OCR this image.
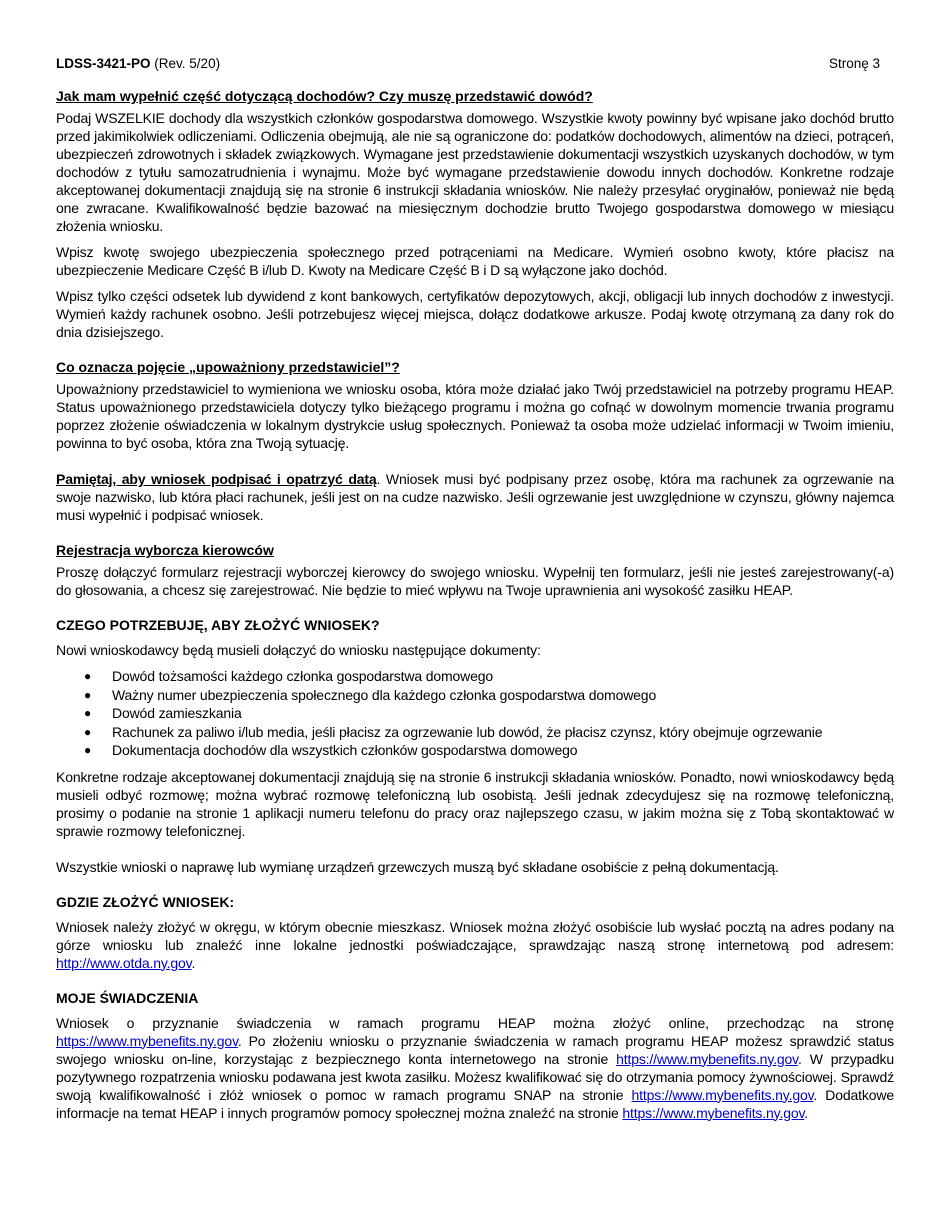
LDSS-3421-PO (Rev. 5/20)	Stronę 3
Jak mam wypełnić część dotyczącą dochodów? Czy muszę przedstawić dowód?

Podaj WSZELKIE dochody dla wszystkich członków gospodarstwa domowego. Wszystkie kwoty powinny być wpisane jako dochód brutto przed jakimikolwiek odliczeniami. Odliczenia obejmują, ale nie są ograniczone do: podatków dochodowych, alimentów na dzieci, potrąceń, ubezpieczeń zdrowotnych i składek związkowych. Wymagane jest przedstawienie dokumentacji wszystkich uzyskanych dochodów, w tym dochodów z tytułu samozatrudnienia i wynajmu. Może być wymagane przedstawienie dowodu innych dochodów. Konkretne rodzaje akceptowanej dokumentacji znajdują się na stronie 6 instrukcji składania wniosków. Nie należy przesyłać oryginałów, ponieważ nie będą one zwracane. Kwalifikowalność będzie bazować na miesięcznym dochodzie brutto Twojego gospodarstwa domowego w miesiącu złożenia wniosku.

Wpisz kwotę swojego ubezpieczenia społecznego przed potrąceniami na Medicare. Wymień osobno kwoty, które płacisz na ubezpieczenie Medicare Część B i/lub D. Kwoty na Medicare Część B i D są wyłączone jako dochód.

Wpisz tylko części odsetek lub dywidend z kont bankowych, certyfikatów depozytowych, akcji, obligacji lub innych dochodów z inwestycji. Wymień każdy rachunek osobno. Jeśli potrzebujesz więcej miejsca, dołącz dodatkowe arkusze. Podaj kwotę otrzymaną za dany rok do dnia dzisiejszego.

Co oznacza pojęcie „upoważniony przedstawiciel”?

Upoważniony przedstawiciel to wymieniona we wniosku osoba, która może działać jako Twój przedstawiciel na potrzeby programu HEAP. Status upoważnionego przedstawiciela dotyczy tylko bieżącego programu i można go cofnąć w dowolnym momencie trwania programu poprzez złożenie oświadczenia w lokalnym dystrykcie usług społecznych. Ponieważ ta osoba może udzielać informacji w Twoim imieniu, powinna to być osoba, która zna Twoją sytuację.

Pamiętaj, aby wniosek podpisać i opatrzyć datą. Wniosek musi być podpisany przez osobę, która ma rachunek za ogrzewanie na swoje nazwisko, lub która płaci rachunek, jeśli jest on na cudze nazwisko. Jeśli ogrzewanie jest uwzględnione w czynszu, główny najemca musi wypełnić i podpisać wniosek.

Rejestracja wyborcza kierowców

Proszę dołączyć formularz rejestracji wyborczej kierowcy do swojego wniosku. Wypełnij ten formularz, jeśli nie jesteś zarejestrowany(-a) do głosowania, a chcesz się zarejestrować. Nie będzie to mieć wpływu na Twoje uprawnienia ani wysokość zasiłku HEAP.

CZEGO POTRZEBUJĘ, ABY ZŁOŻYĆ WNIOSEK?

Nowi wnioskodawcy będą musieli dołączyć do wniosku następujące dokumenty:

● Dowód tożsamości każdego członka gospodarstwa domowego
● Ważny numer ubezpieczenia społecznego dla każdego członka gospodarstwa domowego
● Dowód zamieszkania
● Rachunek za paliwo i/lub media, jeśli płacisz za ogrzewanie lub dowód, że płacisz czynsz, który obejmuje ogrzewanie
● Dokumentacja dochodów dla wszystkich członków gospodarstwa domowego

Konkretne rodzaje akceptowanej dokumentacji znajdują się na stronie 6 instrukcji składania wniosków. Ponadto, nowi wnioskodawcy będą musieli odbyć rozmowę; można wybrać rozmowę telefoniczną lub osobistą. Jeśli jednak zdecydujesz się na rozmowę telefoniczną, prosimy o podanie na stronie 1 aplikacji numeru telefonu do pracy oraz najlepszego czasu, w jakim można się z Tobą skontaktować w sprawie rozmowy telefonicznej.

Wszystkie wnioski o naprawę lub wymianę urządzeń grzewczych muszą być składane osobiście z pełną dokumentacją.

GDZIE ZŁOŻYĆ WNIOSEK:

Wniosek należy złożyć w okręgu, w którym obecnie mieszkasz. Wniosek można złożyć osobiście lub wysłać pocztą na adres podany na górze wniosku lub znaleźć inne lokalne jednostki poświadczające, sprawdzając naszą stronę internetową pod adresem: http://www.otda.ny.gov.

MOJE ŚWIADCZENIA

Wniosek o przyznanie świadczenia w ramach programu HEAP można złożyć online, przechodząc na stronę https://www.mybenefits.ny.gov. Po złożeniu wniosku o przyznanie świadczenia w ramach programu HEAP możesz sprawdzić status swojego wniosku on-line, korzystając z bezpiecznego konta internetowego na stronie https://www.mybenefits.ny.gov. W przypadku pozytywnego rozpatrzenia wniosku podawana jest kwota zasiłku. Możesz kwalifikować się do otrzymania pomocy żywnościowej. Sprawdź swoją kwalifikowalność i złóż wniosek o pomoc w ramach programu SNAP na stronie https://www.mybenefits.ny.gov. Dodatkowe informacje na temat HEAP i innych programów pomocy społecznej można znaleźć na stronie https://www.mybenefits.ny.gov.
